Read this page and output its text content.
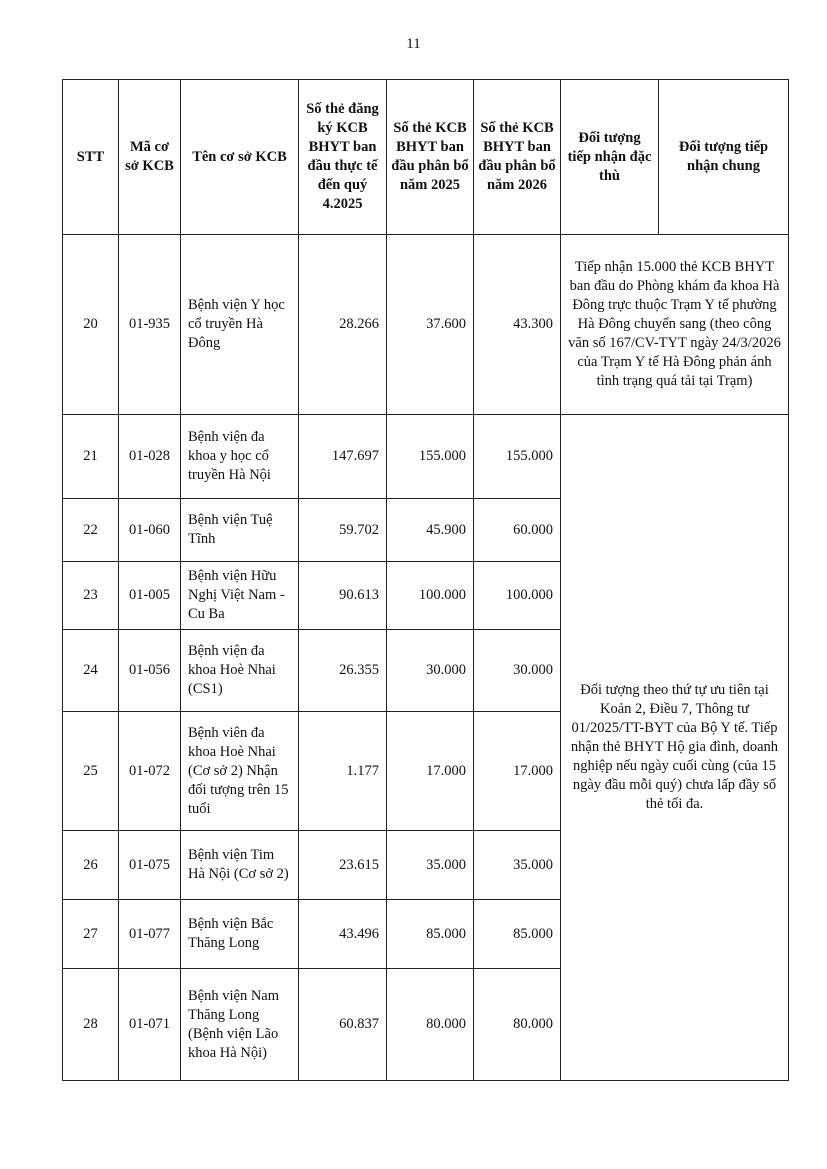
11
STT	Mã cơ sở KCB	Tên cơ sở KCB	Số thẻ đăng ký KCB BHYT ban đầu thực tế đến quý 4.2025	Số thẻ KCB BHYT ban đầu phân bổ năm 2025	Số thẻ KCB BHYT ban đầu phân bổ năm 2026	Đối tượng tiếp nhận đặc thù	Đối tượng tiếp nhận chung
20	01-935	Bệnh viện Y học cổ truyền Hà Đông	28.266	37.600	43.300	Tiếp nhận 15.000 thẻ KCB BHYT ban đầu do Phòng khám đa khoa Hà Đông trực thuộc Trạm Y tế phường Hà Đông chuyển sang (theo công văn số 167/CV-TYT ngày 24/3/2026 của Trạm Y tế Hà Đông phản ánh tình trạng quá tải tại Trạm)	
21	01-028	Bệnh viện đa khoa y học cổ truyền Hà Nội	147.697	155.000	155.000	Đối tượng theo thứ tự ưu tiên tại Koản 2, Điều 7, Thông tư 01/2025/TT-BYT của Bộ Y tế. Tiếp nhận thẻ BHYT Hộ gia đình, doanh nghiệp nếu ngày cuối cùng (của 15 ngày đầu mỗi quý) chưa lấp đầy số thẻ tối đa.	
22	01-060	Bệnh viện Tuệ Tĩnh	59.702	45.900	60.000		
23	01-005	Bệnh viện Hữu Nghị Việt Nam - Cu Ba	90.613	100.000	100.000		
24	01-056	Bệnh viện đa khoa Hoè Nhai (CS1)	26.355	30.000	30.000		
25	01-072	Bệnh viên đa khoa Hoè Nhai (Cơ sở 2) Nhận đối tượng trên 15 tuổi	1.177	17.000	17.000		
26	01-075	Bệnh viện Tim Hà Nội (Cơ sở 2)	23.615	35.000	35.000		
27	01-077	Bệnh viện Bắc Thăng Long	43.496	85.000	85.000		
28	01-071	Bệnh viện Nam Thăng Long (Bệnh viện Lão khoa Hà Nội)	60.837	80.000	80.000		
